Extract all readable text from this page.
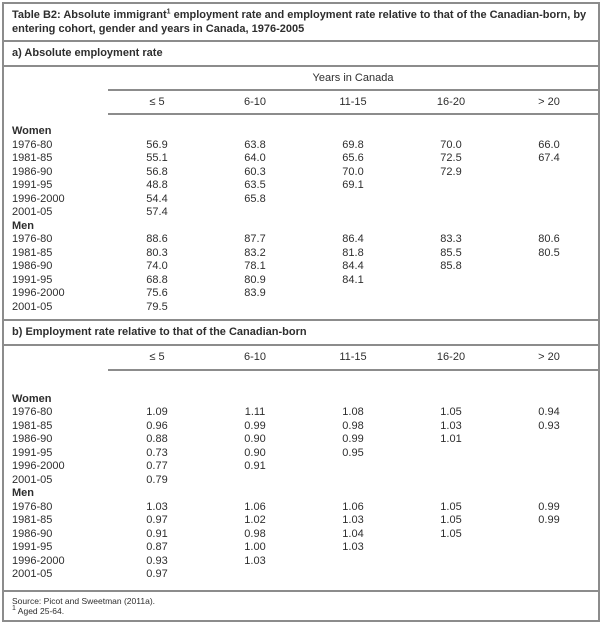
Table B2: Absolute immigrant$^1$ employment rate and employment rate relative to that of the Canadian-born, by entering cohort, gender and years in Canada, 1976-2005
a) Absolute employment rate
	Years in Canada				
	≤ 5	6-10	11-15	16-20	> 20
Women					
1976-80	56.9	63.8	69.8	70.0	66.0
1981-85	55.1	64.0	65.6	72.5	67.4
1986-90	56.8	60.3	70.0	72.9	
1991-95	48.8	63.5	69.1		
1996-2000	54.4	65.8			
2001-05	57.4				
Men					
1976-80	88.6	87.7	86.4	83.3	80.6
1981-85	80.3	83.2	81.8	85.5	80.5
1986-90	74.0	78.1	84.4	85.8	
1991-95	68.8	80.9	84.1		
1996-2000	75.6	83.9			
2001-05	79.5				
b) Employment rate relative to that of the Canadian-born
	≤ 5	6-10	11-15	16-20	> 20
Women					
1976-80	1.09	1.11	1.08	1.05	0.94
1981-85	0.96	0.99	0.98	1.03	0.93
1986-90	0.88	0.90	0.99	1.01	
1991-95	0.73	0.90	0.95		
1996-2000	0.77	0.91			
2001-05	0.79				
Men					
1976-80	1.03	1.06	1.06	1.05	0.99
1981-85	0.97	1.02	1.03	1.05	0.99
1986-90	0.91	0.98	1.04	1.05	
1991-95	0.87	1.00	1.03		
1996-2000	0.93	1.03			
2001-05	0.97				
Source: Picot and Sweetman (2011a).
$^1$ Aged 25-64.
